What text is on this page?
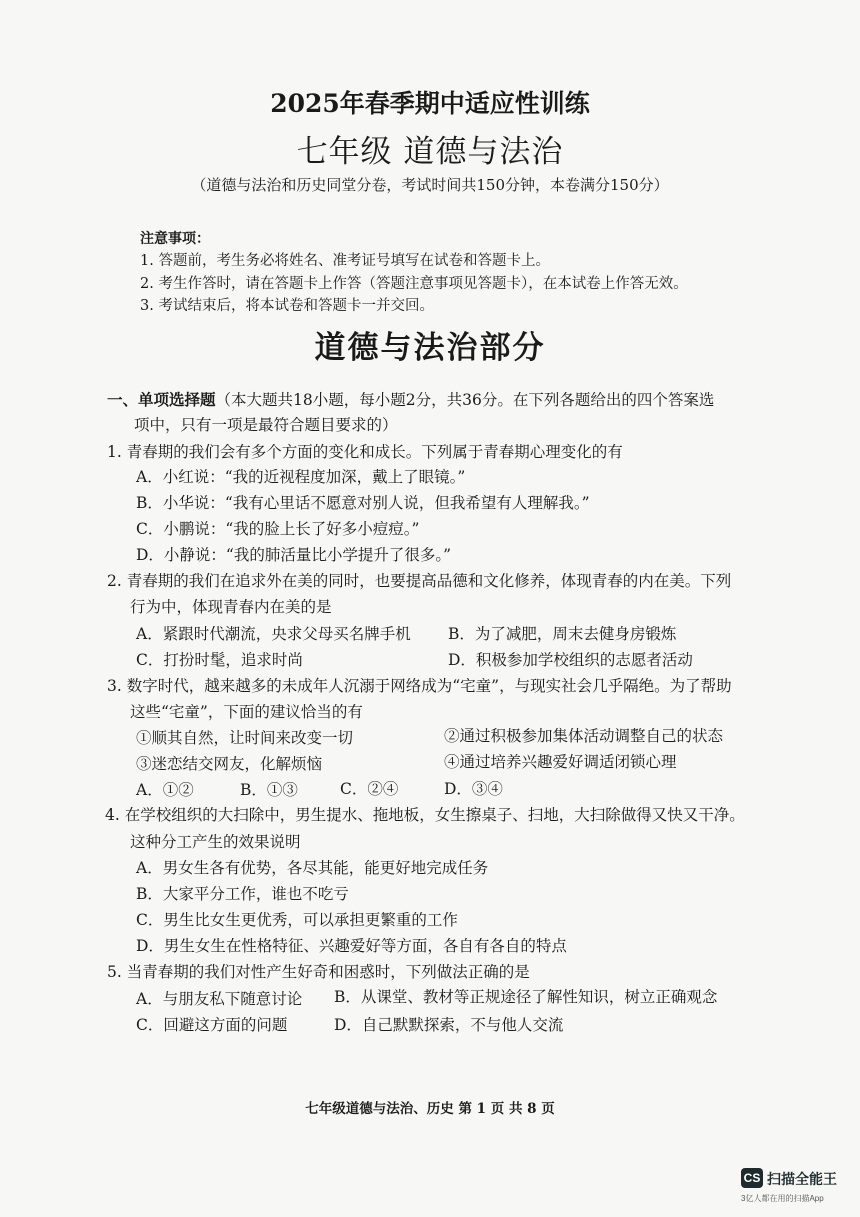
2025年春季期中适应性训练
七年级 道德与法治
（道德与法治和历史同堂分卷，考试时间共150分钟，本卷满分150分）
注意事项：
1. 答题前，考生务必将姓名、准考证号填写在试卷和答题卡上。
2. 考生作答时，请在答题卡上作答（答题注意事项见答题卡），在本试卷上作答无效。
3. 考试结束后，将本试卷和答题卡一并交回。
道德与法治部分
一、单项选择题（本大题共18小题，每小题2分，共36分。在下列各题给出的四个答案选
项中，只有一项是最符合题目要求的）
1. 青春期的我们会有多个方面的变化和成长。下列属于青春期心理变化的有
A．小红说：“我的近视程度加深，戴上了眼镜。”
B．小华说：“我有心里话不愿意对别人说，但我希望有人理解我。”
C．小鹏说：“我的脸上长了好多小痘痘。”
D．小静说：“我的肺活量比小学提升了很多。”
2. 青春期的我们在追求外在美的同时，也要提高品德和文化修养，体现青春的内在美。下列
行为中，体现青春内在美的是
A．紧跟时代潮流，央求父母买名牌手机 B．为了减肥，周末去健身房锻炼
C．打扮时髦，追求时尚	D．积极参加学校组织的志愿者活动
3. 数字时代，越来越多的未成年人沉溺于网络成为“宅童”，与现实社会几乎隔绝。为了帮助
这些“宅童”，下面的建议恰当的有
①顺其自然，让时间来改变一切	②通过积极参加集体活动调整自己的状态
③迷恋结交网友，化解烦恼	④通过培养兴趣爱好调适闭锁心理
A．①②	B．①③	C．②④	D．③④
4. 在学校组织的大扫除中，男生提水、拖地板，女生擦桌子、扫地，大扫除做得又快又干净。
这种分工产生的效果说明
A．男女生各有优势，各尽其能，能更好地完成任务
B．大家平分工作，谁也不吃亏
C．男生比女生更优秀，可以承担更繁重的工作
D．男生女生在性格特征、兴趣爱好等方面，各自有各自的特点
5. 当青春期的我们对性产生好奇和困惑时，下列做法正确的是
A．与朋友私下随意讨论 B．从课堂、教材等正规途径了解性知识，树立正确观念
C．回避这方面的问题	D．自己默默探索，不与他人交流
七年级道德与法治、历史 第 1 页 共 8 页
CS 扫描全能王
3亿人都在用的扫描App
